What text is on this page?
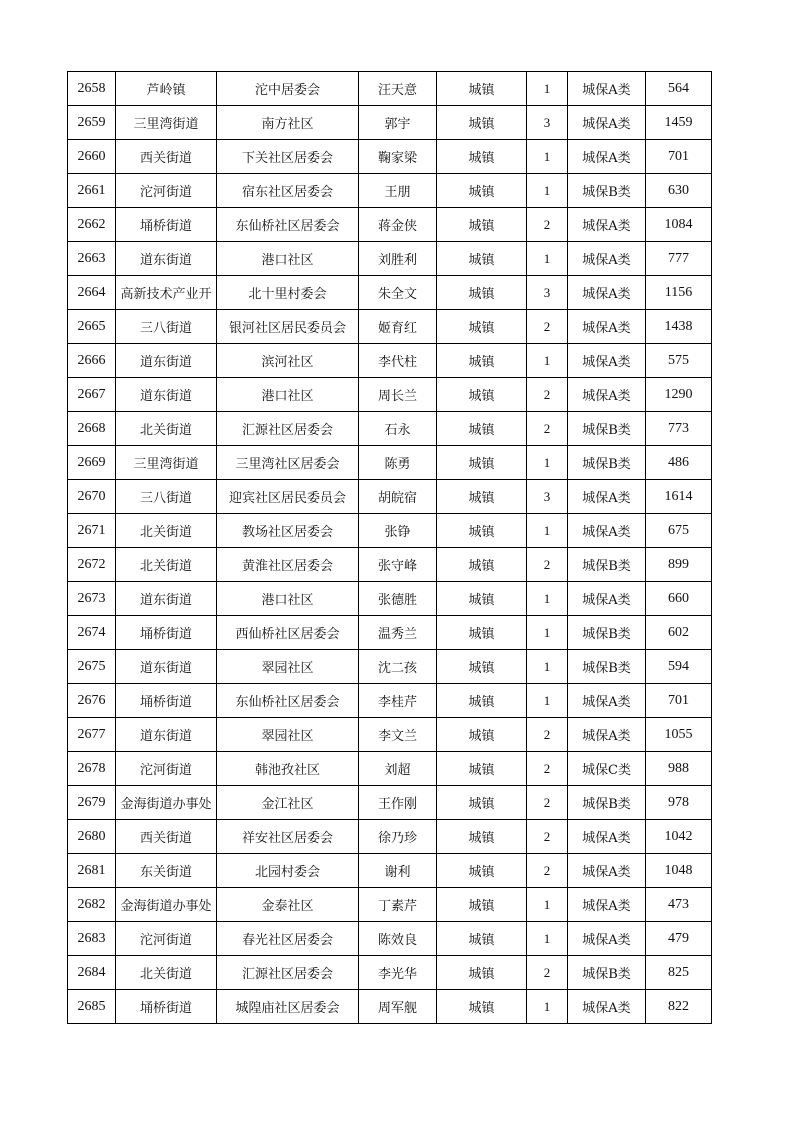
2658	芦岭镇	沱中居委会	汪天意	城镇	1	城保A类	564
2659	三里湾街道	南方社区	郭宇	城镇	3	城保A类	1459
2660	西关街道	下关社区居委会	鞠家梁	城镇	1	城保A类	701
2661	沱河街道	宿东社区居委会	王朋	城镇	1	城保B类	630
2662	埇桥街道	东仙桥社区居委会	蒋金侠	城镇	2	城保A类	1084
2663	道东街道	港口社区	刘胜利	城镇	1	城保A类	777
2664	高新技术产业开	北十里村委会	朱全文	城镇	3	城保A类	1156
2665	三八街道	银河社区居民委员会	姬育红	城镇	2	城保A类	1438
2666	道东街道	滨河社区	李代柱	城镇	1	城保A类	575
2667	道东街道	港口社区	周长兰	城镇	2	城保A类	1290
2668	北关街道	汇源社区居委会	石永	城镇	2	城保B类	773
2669	三里湾街道	三里湾社区居委会	陈勇	城镇	1	城保B类	486
2670	三八街道	迎宾社区居民委员会	胡皖宿	城镇	3	城保A类	1614
2671	北关街道	教场社区居委会	张铮	城镇	1	城保A类	675
2672	北关街道	黄淮社区居委会	张守峰	城镇	2	城保B类	899
2673	道东街道	港口社区	张德胜	城镇	1	城保A类	660
2674	埇桥街道	西仙桥社区居委会	温秀兰	城镇	1	城保B类	602
2675	道东街道	翠园社区	沈二孩	城镇	1	城保B类	594
2676	埇桥街道	东仙桥社区居委会	李桂芹	城镇	1	城保A类	701
2677	道东街道	翠园社区	李文兰	城镇	2	城保A类	1055
2678	沱河街道	韩池孜社区	刘超	城镇	2	城保C类	988
2679	金海街道办事处	金江社区	王作刚	城镇	2	城保B类	978
2680	西关街道	祥安社区居委会	徐乃珍	城镇	2	城保A类	1042
2681	东关街道	北园村委会	谢利	城镇	2	城保A类	1048
2682	金海街道办事处	金泰社区	丁素芹	城镇	1	城保A类	473
2683	沱河街道	春光社区居委会	陈效良	城镇	1	城保A类	479
2684	北关街道	汇源社区居委会	李光华	城镇	2	城保B类	825
2685	埇桥街道	城隍庙社区居委会	周军舰	城镇	1	城保A类	822
